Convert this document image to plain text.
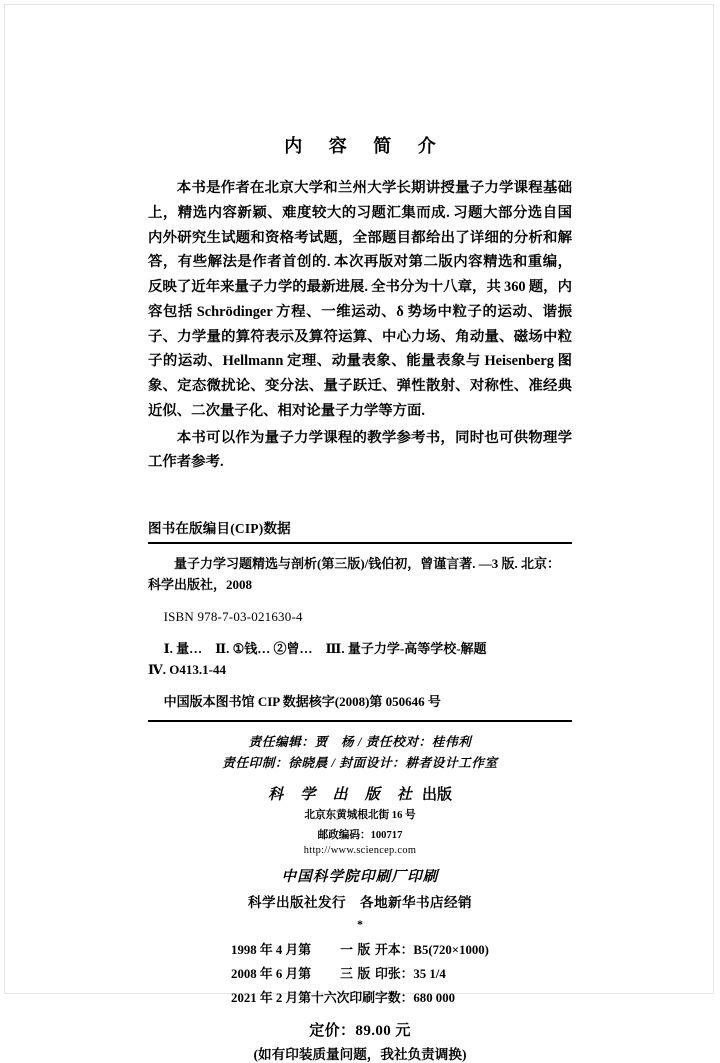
内 容 简 介

本书是作者在北京大学和兰州大学长期讲授量子力学课程基础上，精选内容新颖、难度较大的习题汇集而成. 习题大部分选自国内外研究生试题和资格考试题，全部题目都给出了详细的分析和解答，有些解法是作者首创的. 本次再版对第二版内容精选和重编，反映了近年来量子力学的最新进展. 全书分为十八章，共 360 题，内容包括 Schrödinger 方程、一维运动、δ 势场中粒子的运动、谐振子、力学量的算符表示及算符运算、中心力场、角动量、磁场中粒子的运动、Hellmann 定理、动量表象、能量表象与 Heisenberg 图象、定态微扰论、变分法、量子跃迁、弹性散射、对称性、准经典近似、二次量子化、相对论量子力学等方面.

本书可以作为量子力学课程的教学参考书，同时也可供物理学工作者参考.

图书在版编目(CIP)数据
量子力学习题精选与剖析(第三版)/钱伯初，曾谨言著. —3 版. 北京：科学出版社，2008
ISBN 978-7-03-021630-4
Ⅰ. 量…　Ⅱ. ①钱… ②曾…　Ⅲ. 量子力学-高等学校-解题
Ⅳ. O413.1-44
中国版本图书馆 CIP 数据核字(2008)第 050646 号
责任编辑：贾　杨 / 责任校对：桂伟利
责任印制：徐晓晨 / 封面设计：耕者设计工作室
科 学 出 版 社 出版
北京东黄城根北街 16 号
邮政编码：100717
http://www.sciencep.com
中国科学院印刷厂印刷
科学出版社发行　各地新华书店经销
*
1998 年 4 月第	一	版	开本：B5(720×1000)
2008 年 6 月第	三	版	印张：35 1/4
2021 年 2 月第十六次印刷			字数：680 000
定价：89.00 元
(如有印装质量问题，我社负责调换)
